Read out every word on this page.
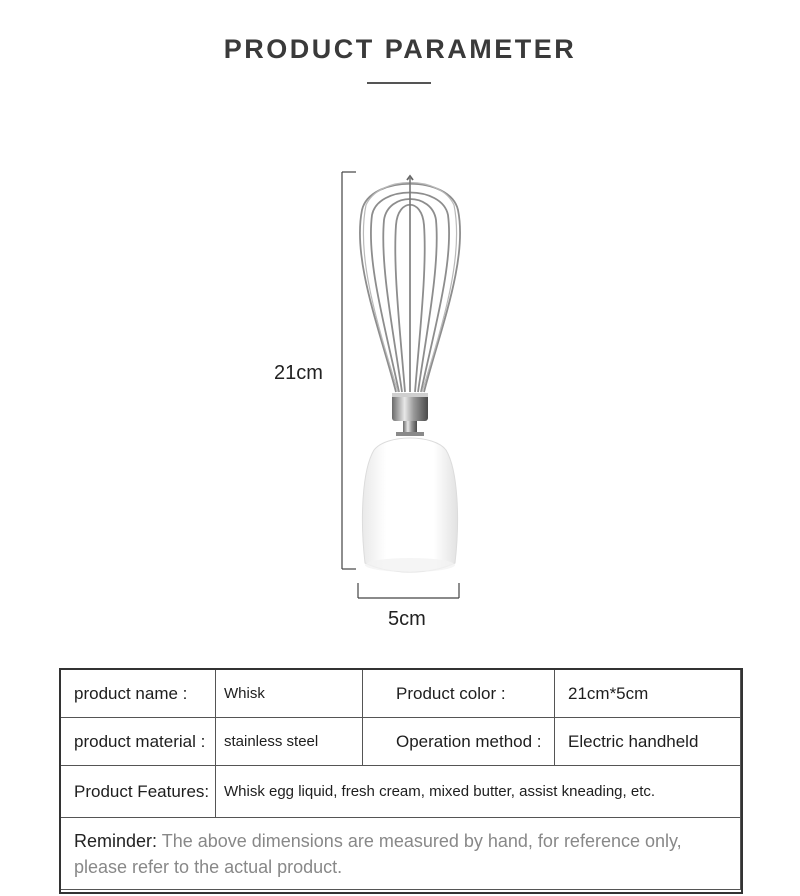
PRODUCT PARAMETER
21cm
5cm
product name :	Whisk	Product color :	21cm*5cm
product material :	stainless steel	Operation method :	Electric handheld
Product Features:	Whisk egg liquid, fresh cream, mixed butter, assist kneading, etc.		

Reminder: The above dimensions are measured by hand, for reference only,
please refer to the actual product.			
